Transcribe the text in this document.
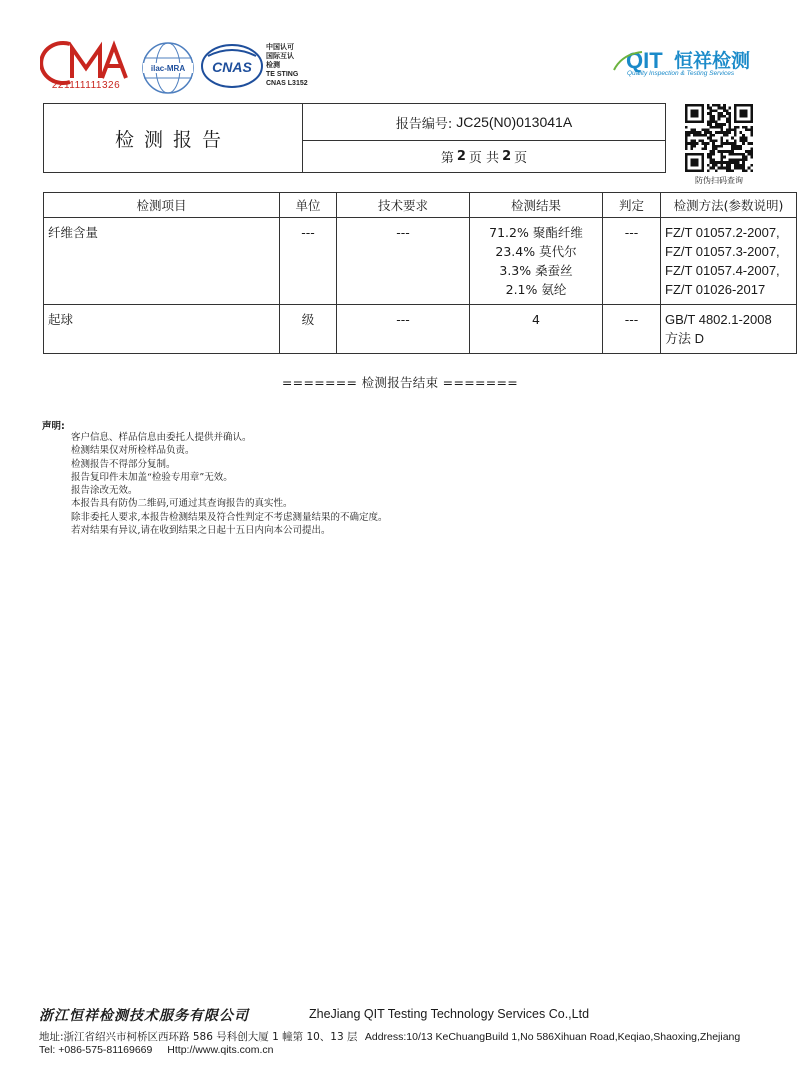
CMA
221111111326
ilac-MRA CNAS
中国认可
国际互认
检测
TE STING
CNAS L3152
QIT 恒祥检测
Quality Inspection & Testing Services
检测报告
报告编号: JC25(N0)013041A
第 2 页 共 2 页
防伪扫码查询
检测项目	单位	技术要求	检测结果	判定	检测方法(参数说明)
纤维含量	---	---	71.2% 聚酯纤维
23.4% 莫代尔
3.3% 桑蚕丝
2.1% 氨纶	---	FZ/T 01057.2-2007,
FZ/T 01057.3-2007,
FZ/T 01057.4-2007,
FZ/T 01026-2017

起球	级	---	4	---	GB/T 4802.1-2008
方法 D
======= 检测报告结束 =======
声明:
客户信息、样品信息由委托人提供并确认。
检测结果仅对所检样品负责。
检测报告不得部分复制。
报告复印件未加盖“检验专用章”无效。
报告涂改无效。
本报告具有防伪二维码,可通过其查询报告的真实性。
除非委托人要求,本报告检测结果及符合性判定不考虑测量结果的不确定度。
若对结果有异议,请在收到结果之日起十五日内向本公司提出。
浙江恒祥检测技术服务有限公司	ZheJiang QIT Testing Technology Services Co.,Ltd
地址:浙江省绍兴市柯桥区西环路 586 号科创大厦 1 幢第 10、13 层 Address:10/13 KeChuangBuild 1,No 586Xihuan Road,Keqiao,Shaoxing,Zhejiang
Tel: +086-575-81169669 Http://www.qits.com.cn
